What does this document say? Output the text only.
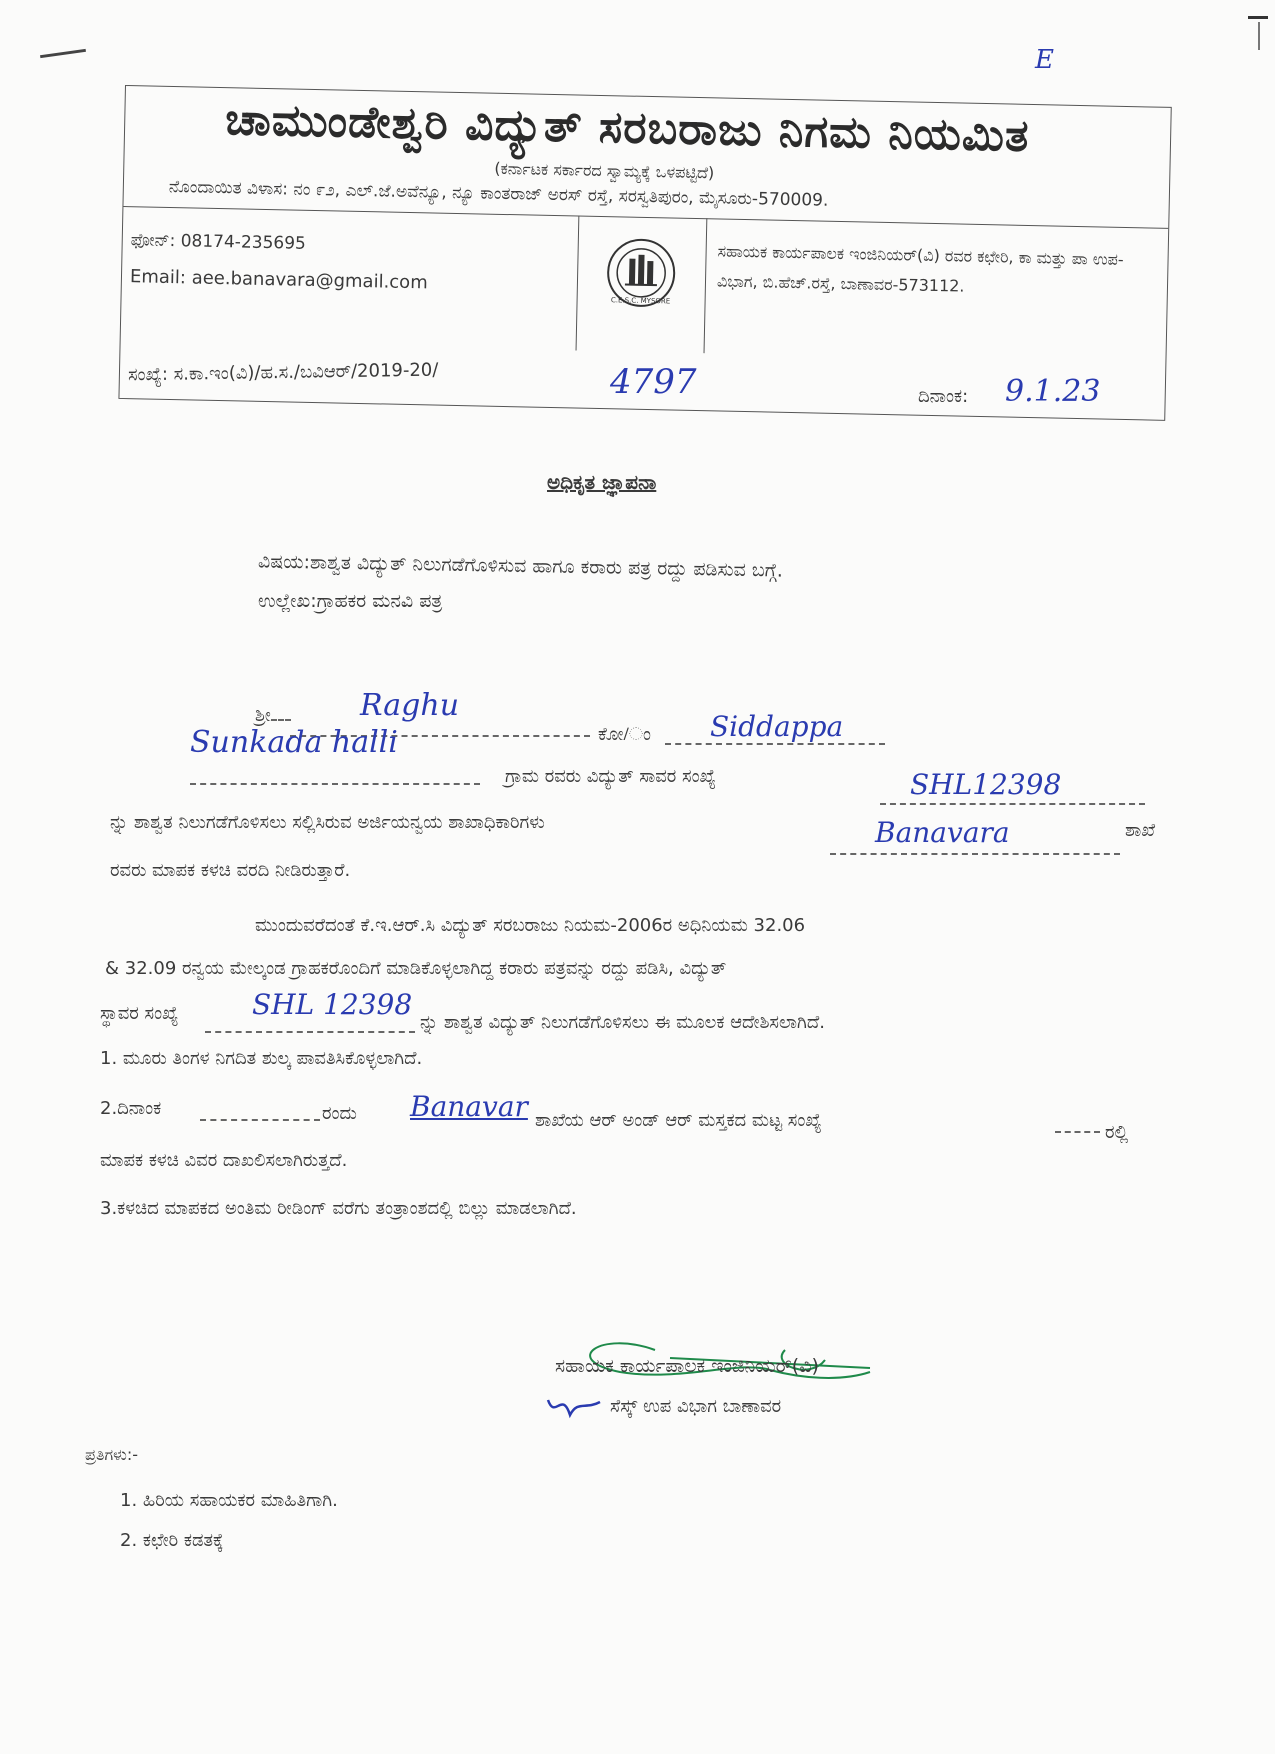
E
ಚಾಮುಂಡೇಶ್ವರಿ ವಿದ್ಯುತ್ ಸರಬರಾಜು ನಿಗಮ ನಿಯಮಿತ
(ಕರ್ನಾಟಕ ಸರ್ಕಾರದ ಸ್ವಾಮ್ಯಕ್ಕೆ ಒಳಪಟ್ಟಿದೆ)
ನೊಂದಾಯಿತ ವಿಳಾಸ: ನಂ ೯೨, ಎಲ್.ಜೆ.ಅವೆನ್ಯೂ, ನ್ಯೂ ಕಾಂತರಾಜ್ ಅರಸ್ ರಸ್ತೆ, ಸರಸ್ವತಿಪುರಂ, ಮೈಸೂರು-570009.
ಫೋನ್: 08174-235695
Email: aee.banavara@gmail.com
C.E.S.C. MYSORE
ಸಹಾಯಕ ಕಾರ್ಯಪಾಲಕ ಇಂಜಿನಿಯರ್(ವಿ) ರವರ ಕಛೇರಿ, ಕಾ ಮತ್ತು ಪಾ ಉಪ-ವಿಭಾಗ, ಬಿ.ಹೆಚ್.ರಸ್ತೆ, ಬಾಣಾವರ-573112.
ಸಂಖ್ಯೆ: ಸ.ಕಾ.ಇಂ(ವಿ)/ಹ.ಸ./ಬವಿಆರ್/2019-20/	4797	ದಿನಾಂಕ: 9.1.23
ಅಧಿಕೃತ ಜ್ಞಾಪನಾ
ವಿಷಯ:ಶಾಶ್ವತ ವಿದ್ಯುತ್ ನಿಲುಗಡೆಗೊಳಿಸುವ ಹಾಗೂ ಕರಾರು ಪತ್ರ ರದ್ದು ಪಡಿಸುವ ಬಗ್ಗೆ.
ಉಲ್ಲೇಖ:ಗ್ರಾಹಕರ ಮನವಿ ಪತ್ರ
ಶ್ರೀ	Raghu
ಕೋ/ಂ Siddappa
Sunkada halli
ಗ್ರಾಮ ರವರು ವಿದ್ಯುತ್ ಸಾವರ ಸಂಖ್ಯೆ	SHL12398
ನ್ನು ಶಾಶ್ವತ ನಿಲುಗಡೆಗೊಳಿಸಲು ಸಲ್ಲಿಸಿರುವ ಅರ್ಜಿಯನ್ವಯ ಶಾಖಾಧಿಕಾರಿಗಳು	Banavara	ಶಾಖೆ
ರವರು ಮಾಪಕ ಕಳಚಿ ವರದಿ ನೀಡಿರುತ್ತಾರೆ.
ಮುಂದುವರೆದಂತೆ ಕೆ.ಇ.ಆರ್.ಸಿ ವಿದ್ಯುತ್ ಸರಬರಾಜು ನಿಯಮ-2006ರ ಅಧಿನಿಯಮ 32.06
& 32.09 ರನ್ವಯ ಮೇಲ್ಕಂಡ ಗ್ರಾಹಕರೊಂದಿಗೆ ಮಾಡಿಕೊಳ್ಳಲಾಗಿದ್ದ ಕರಾರು ಪತ್ರವನ್ನು ರದ್ದು ಪಡಿಸಿ, ವಿದ್ಯುತ್
ಸ್ಥಾವರ ಸಂಖ್ಯೆ	SHL 12398
ನ್ನು ಶಾಶ್ವತ ವಿದ್ಯುತ್ ನಿಲುಗಡೆಗೊಳಿಸಲು ಈ ಮೂಲಕ ಆದೇಶಿಸಲಾಗಿದೆ.
1. ಮೂರು ತಿಂಗಳ ನಿಗದಿತ ಶುಲ್ಕ ಪಾವತಿಸಿಕೊಳ್ಳಲಾಗಿದೆ.
2.ದಿನಾಂಕ	ರಂದು Banavar ಶಾಖೆಯ ಆರ್ ಅಂಡ್ ಆರ್ ಮಸ್ತಕದ ಮಟ್ಟ ಸಂಖ್ಯೆ
ರಲ್ಲಿ
ಮಾಪಕ ಕಳಚಿ ವಿವರ ದಾಖಲಿಸಲಾಗಿರುತ್ತದೆ.
3.ಕಳಚಿದ ಮಾಪಕದ ಅಂತಿಮ ರೀಡಿಂಗ್ ವರೆಗು ತಂತ್ರಾಂಶದಲ್ಲಿ ಬಿಲ್ಲು ಮಾಡಲಾಗಿದೆ.
ಸಹಾಯಕ ಕಾರ್ಯಪಾಲಕ ಇಂಜಿನಿಯರ್(ವಿ)
ಸೆಸ್ಕ್ ಉಪ ವಿಭಾಗ ಬಾಣಾವರ
ಪ್ರತಿಗಳು:-
1. ಹಿರಿಯ ಸಹಾಯಕರ ಮಾಹಿತಿಗಾಗಿ.
2. ಕಛೇರಿ ಕಡತಕ್ಕೆ
